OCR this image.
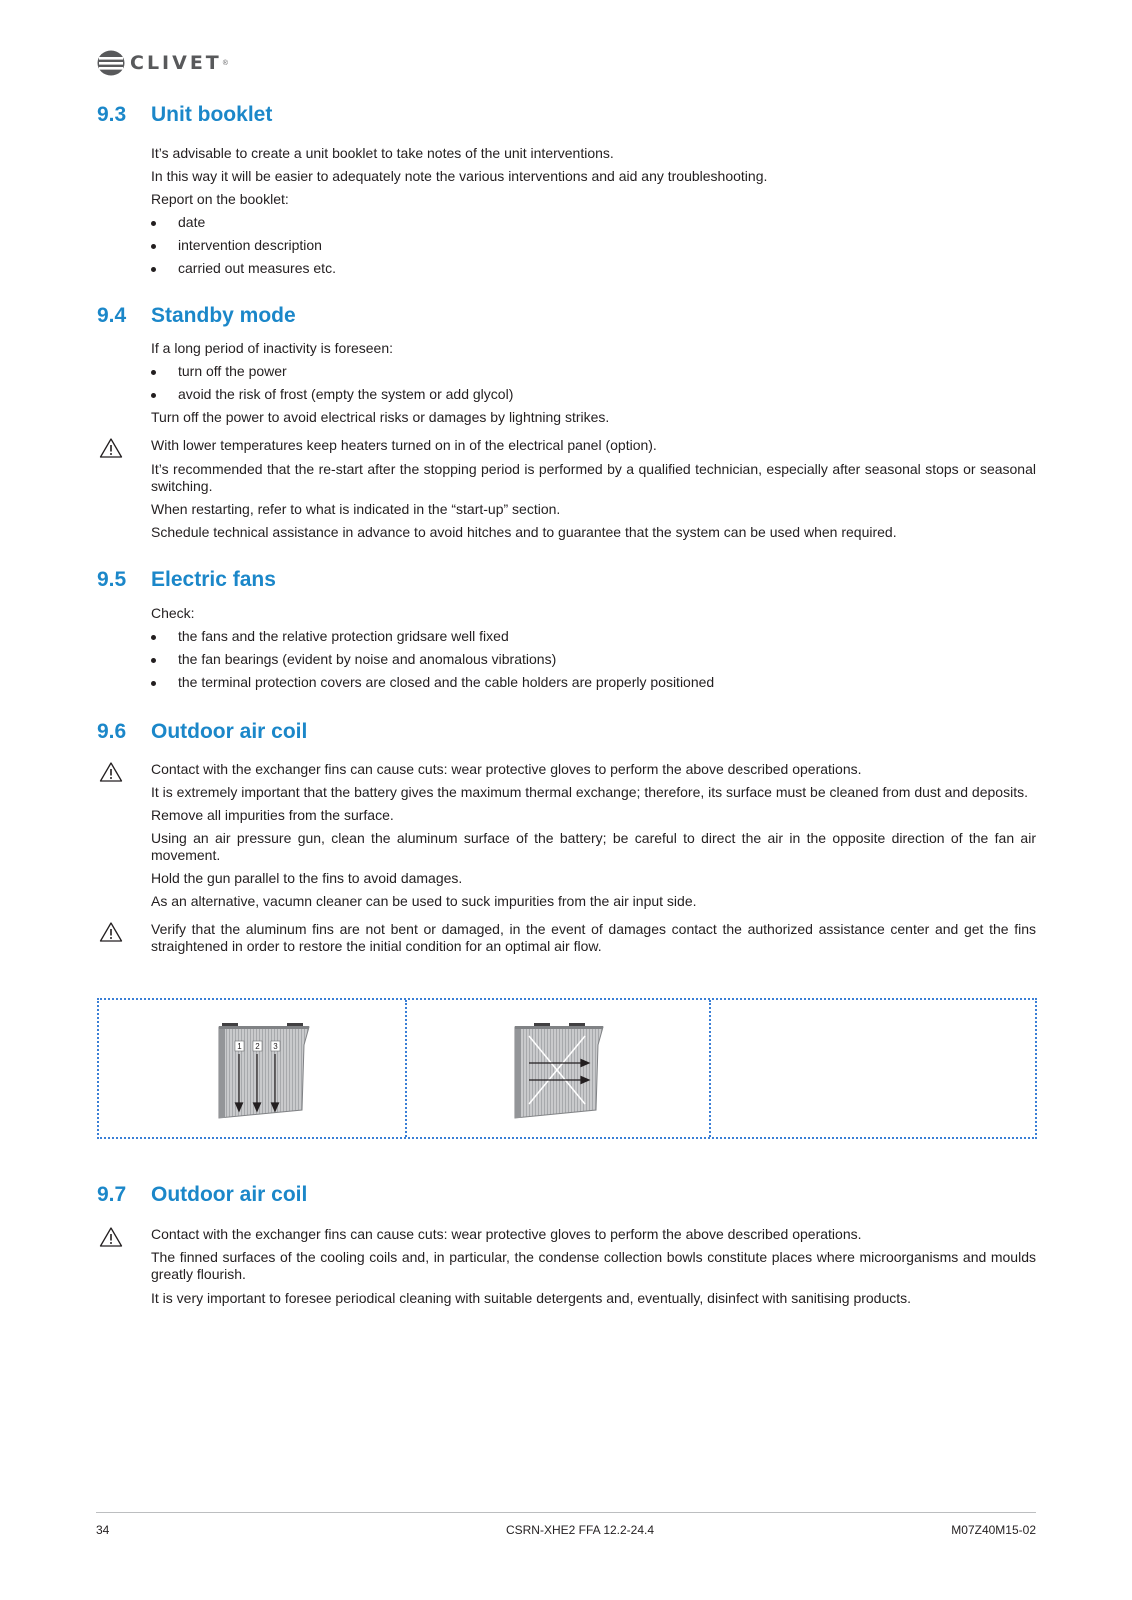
CLIVET ®
9.3 Unit booklet

It’s advisable to create a unit booklet to take notes of the unit interventions.

In this way it will be easier to adequately note the various interventions and aid any troubleshooting.

Report on the booklet:

date
intervention description
carried out measures etc.
9.4 Standby mode

If a long period of inactivity is foreseen:

turn off the power
avoid the risk of frost (empty the system or add glycol)

Turn off the power to avoid electrical risks or damages by lightning strikes.

With lower temperatures keep heaters turned on in of the electrical panel (option).

It’s recommended that the re-start after the stopping period is performed by a qualified technician, especially after seasonal stops or seasonal switching.

When restarting, refer to what is indicated in the “start-up” section.

Schedule technical assistance in advance to avoid hitches and to guarantee that the system can be used when required.

9.5 Electric fans

Check:

the fans and the relative protection gridsare well fixed
the fan bearings (evident by noise and anomalous vibrations)
the terminal protection covers are closed and the cable holders are properly positioned
9.6 Outdoor air coil

Contact with the exchanger fins can cause cuts: wear protective gloves to perform the above described operations.

It is extremely important that the battery gives the maximum thermal exchange; therefore, its surface must be cleaned from dust and deposits.

Remove all impurities from the surface.

Using an air pressure gun, clean the aluminum surface of the battery; be careful to direct the air in the opposite direction of the fan air movement.

Hold the gun parallel to the fins to avoid damages.

As an alternative, vacumn cleaner can be used to suck impurities from the air input side.

Verify that the aluminum fins are not bent or damaged, in the event of damages contact the authorized assistance center and get the fins straightened in order to restore the initial condition for an optimal air flow.

1 2 3
9.7 Outdoor air coil

Contact with the exchanger fins can cause cuts: wear protective gloves to perform the above described operations.

The finned surfaces of the cooling coils and, in particular, the condense collection bowls constitute places where microorganisms and moulds greatly flourish.

It is very important to foresee periodical cleaning with suitable detergents and, eventually, disinfect with sanitising products.

34	CSRN-XHE2 FFA 12.2-24.4	M07Z40M15-02
